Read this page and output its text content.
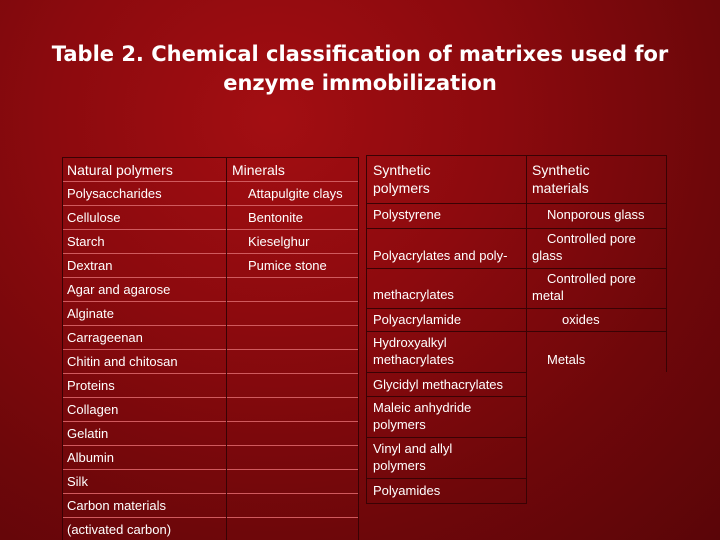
Table 2. Chemical classification of matrixes used for
enzyme immobilization
Natural polymers	Minerals	Synthetic
polymers
Synthetic
materials
Polysaccharides
Cellulose
Starch
Dextran
Agar and agarose
Alginate
Carrageenan
Chitin and chitosan
Proteins
Collagen
Gelatin
Albumin
Silk
Carbon materials
(activated carbon)
Attapulgite clays
Bentonite
Kieselghur
Pumice stone
Polystyrene
Polyacrylates and poly-
methacrylates
Polyacrylamide
Hydroxyalkyl
methacrylates
Glycidyl methacrylates
Maleic anhydride
polymers
Vinyl and allyl
polymers
Polyamides
Nonporous glass
Controlled pore
glass
Controlled pore
metal
oxides
Metals
